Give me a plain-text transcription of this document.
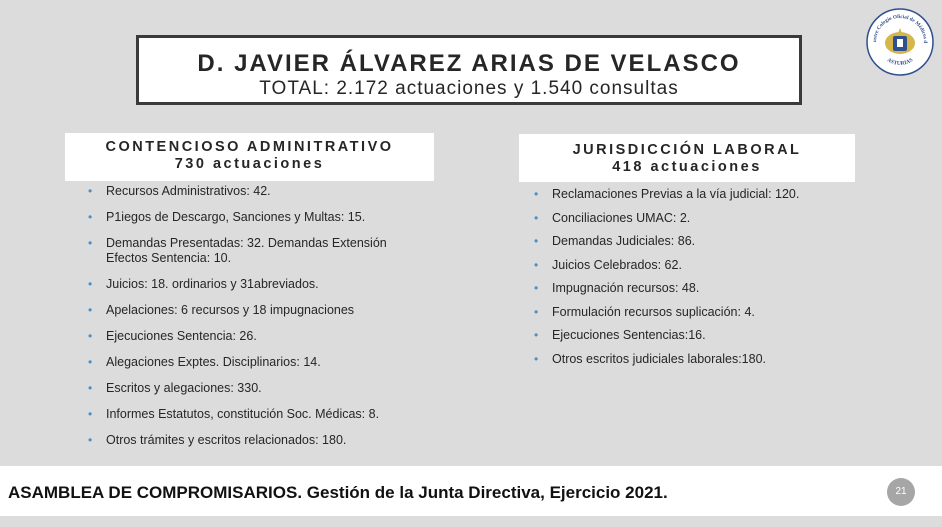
D. JAVIER ÁLVAREZ ARIAS DE VELASCO
TOTAL: 2.172 actuaciones y 1.540 consultas
ustre Colegio Oficial de Médicos d
ASTURIAS
CONTENCIOSO ADMINITRATIVO
730 actuaciones
JURISDICCIÓN LABORAL
418 actuaciones
• Recursos Administrativos: 42.
• P1iegos de Descargo, Sanciones y Multas: 15.
• Demandas Presentadas: 32. Demandas Extensión Efectos Sentencia: 10.
• Juicios: 18. ordinarios y 31abreviados.
• Apelaciones: 6 recursos y 18 impugnaciones
• Ejecuciones Sentencia: 26.
• Alegaciones Exptes. Disciplinarios: 14.
• Escritos y alegaciones: 330.
• Informes Estatutos, constitución Soc. Médicas: 8.
• Otros trámites y escritos relacionados: 180.
• Reclamaciones Previas a la vía judicial: 120.
• Conciliaciones UMAC: 2.
• Demandas Judiciales: 86.
• Juicios Celebrados: 62.
• Impugnación recursos: 48.
• Formulación recursos suplicación: 4.
• Ejecuciones Sentencias:16.
• Otros escritos judiciales laborales:180.
ASAMBLEA DE COMPROMISARIOS. Gestión de la Junta Directiva, Ejercicio 2021.	21
